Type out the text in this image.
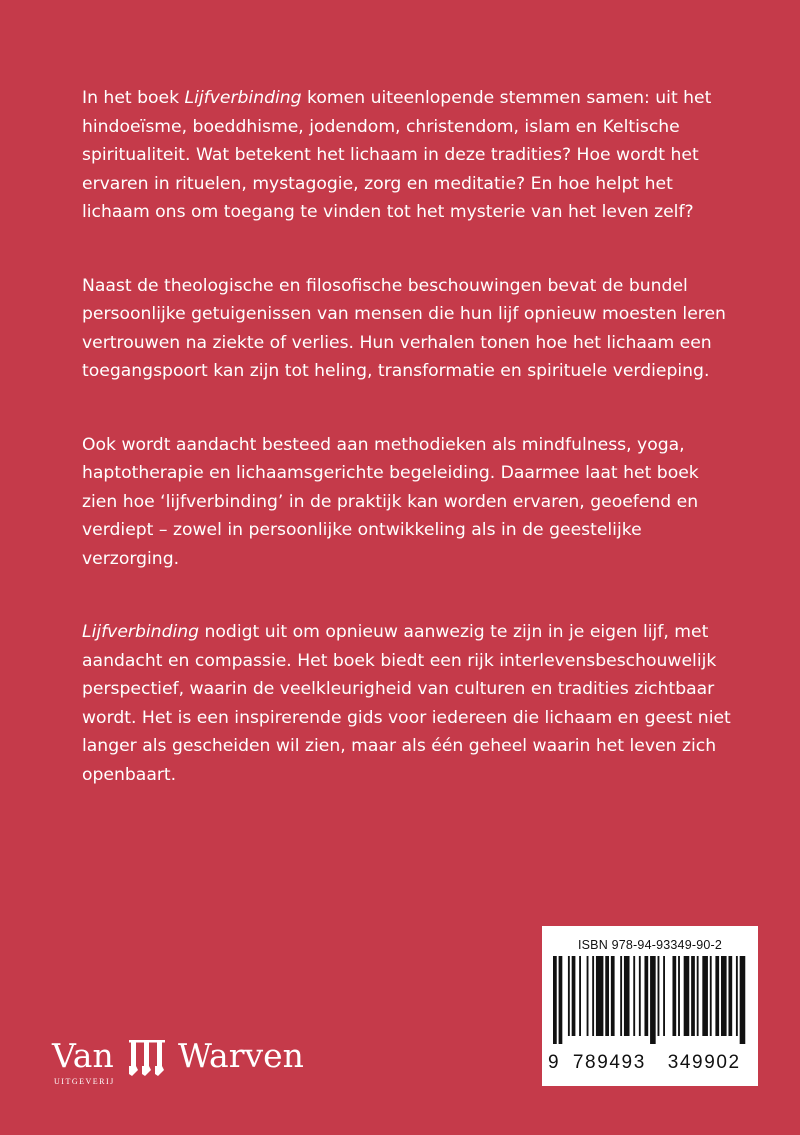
In het boek Lijfverbinding komen uiteenlopende stemmen samen: uit het hindoeïsme, boeddhisme, jodendom, christendom, islam en Keltische spiritualiteit. Wat betekent het lichaam in deze tradities? Hoe wordt het ervaren in rituelen, mystagogie, zorg en meditatie? En hoe helpt het lichaam ons om toegang te vinden tot het mysterie van het leven zelf?

Naast de theologische en filosofische beschouwingen bevat de bundel persoonlijke getuigenissen van mensen die hun lijf opnieuw moesten leren vertrouwen na ziekte of verlies. Hun verhalen tonen hoe het lichaam een toegangspoort kan zijn tot heling, transformatie en spirituele verdieping.

Ook wordt aandacht besteed aan methodieken als mindfulness, yoga, haptotherapie en lichaamsgerichte begeleiding. Daarmee laat het boek zien hoe ‘lijfverbinding’ in de praktijk kan worden ervaren, geoefend en verdiept – zowel in persoonlijke ontwikkeling als in de geestelijke verzorging.

Lijfverbinding nodigt uit om opnieuw aanwezig te zijn in je eigen lijf, met aandacht en compassie. Het boek biedt een rijk interlevensbeschouwelijk perspectief, waarin de veelkleurigheid van culturen en tradities zichtbaar wordt. Het is een inspirerende gids voor iedereen die lichaam en geest niet langer als gescheiden wil zien, maar als één geheel waarin het leven zich openbaart.

ISBN 978-94-93349-90-2
9 789493 349902
Van Warven
UITGEVERIJ
